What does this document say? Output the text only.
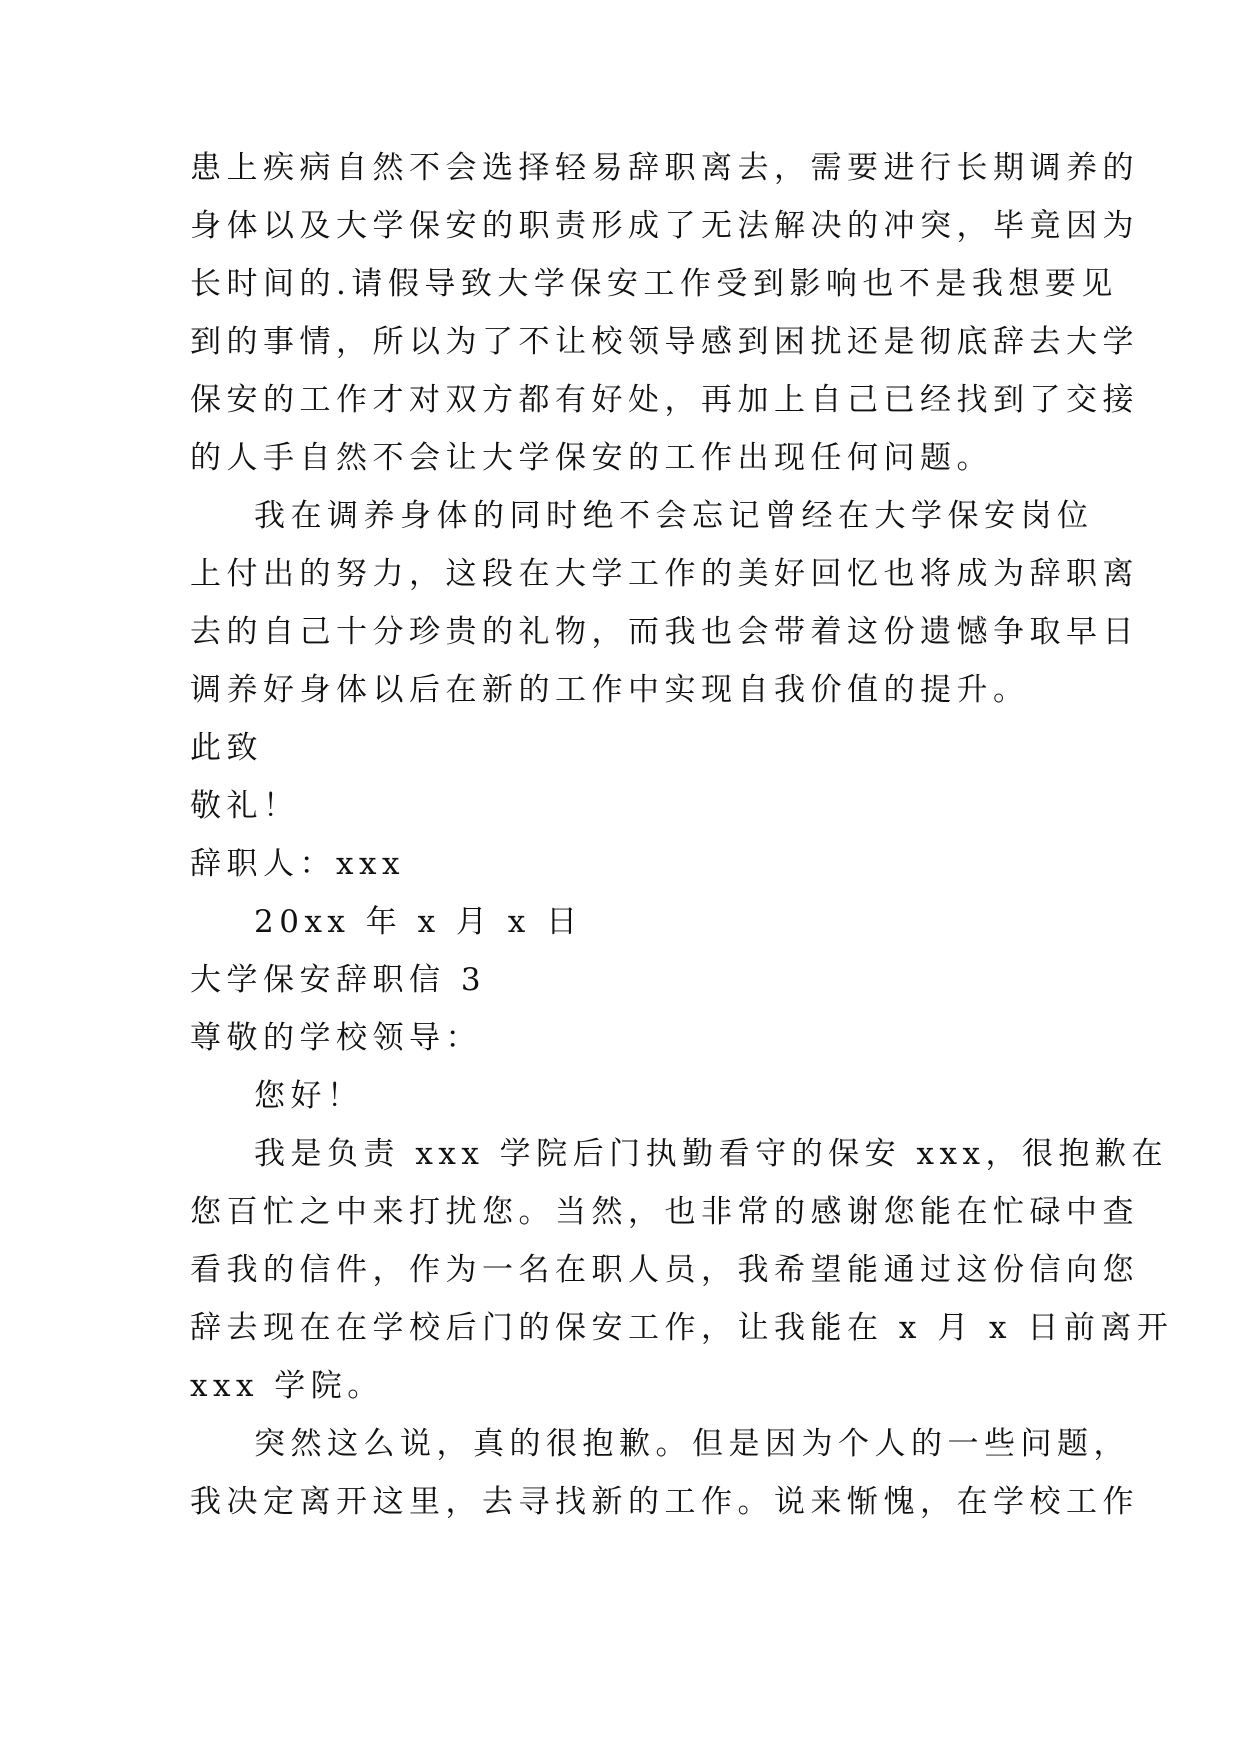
患上疾病自然不会选择轻易辞职离去，需要进行长期调养的
身体以及大学保安的职责形成了无法解决的冲突，毕竟因为
长时间的.请假导致大学保安工作受到影响也不是我想要见
到的事情，所以为了不让校领导感到困扰还是彻底辞去大学
保安的工作才对双方都有好处，再加上自己已经找到了交接
的人手自然不会让大学保安的工作出现任何问题。
我在调养身体的同时绝不会忘记曾经在大学保安岗位
上付出的努力，这段在大学工作的美好回忆也将成为辞职离
去的自己十分珍贵的礼物，而我也会带着这份遗憾争取早日
调养好身体以后在新的工作中实现自我价值的提升。
此致
敬礼！
辞职人：xxx
20xx 年 x 月 x 日
大学保安辞职信 3
尊敬的学校领导：
您好！
我是负责 xxx 学院后门执勤看守的保安 xxx，很抱歉在
您百忙之中来打扰您。当然，也非常的感谢您能在忙碌中查
看我的信件，作为一名在职人员，我希望能通过这份信向您
辞去现在在学校后门的保安工作，让我能在 x 月 x 日前离开
xxx 学院。
突然这么说，真的很抱歉。但是因为个人的一些问题，
我决定离开这里，去寻找新的工作。说来惭愧，在学校工作
